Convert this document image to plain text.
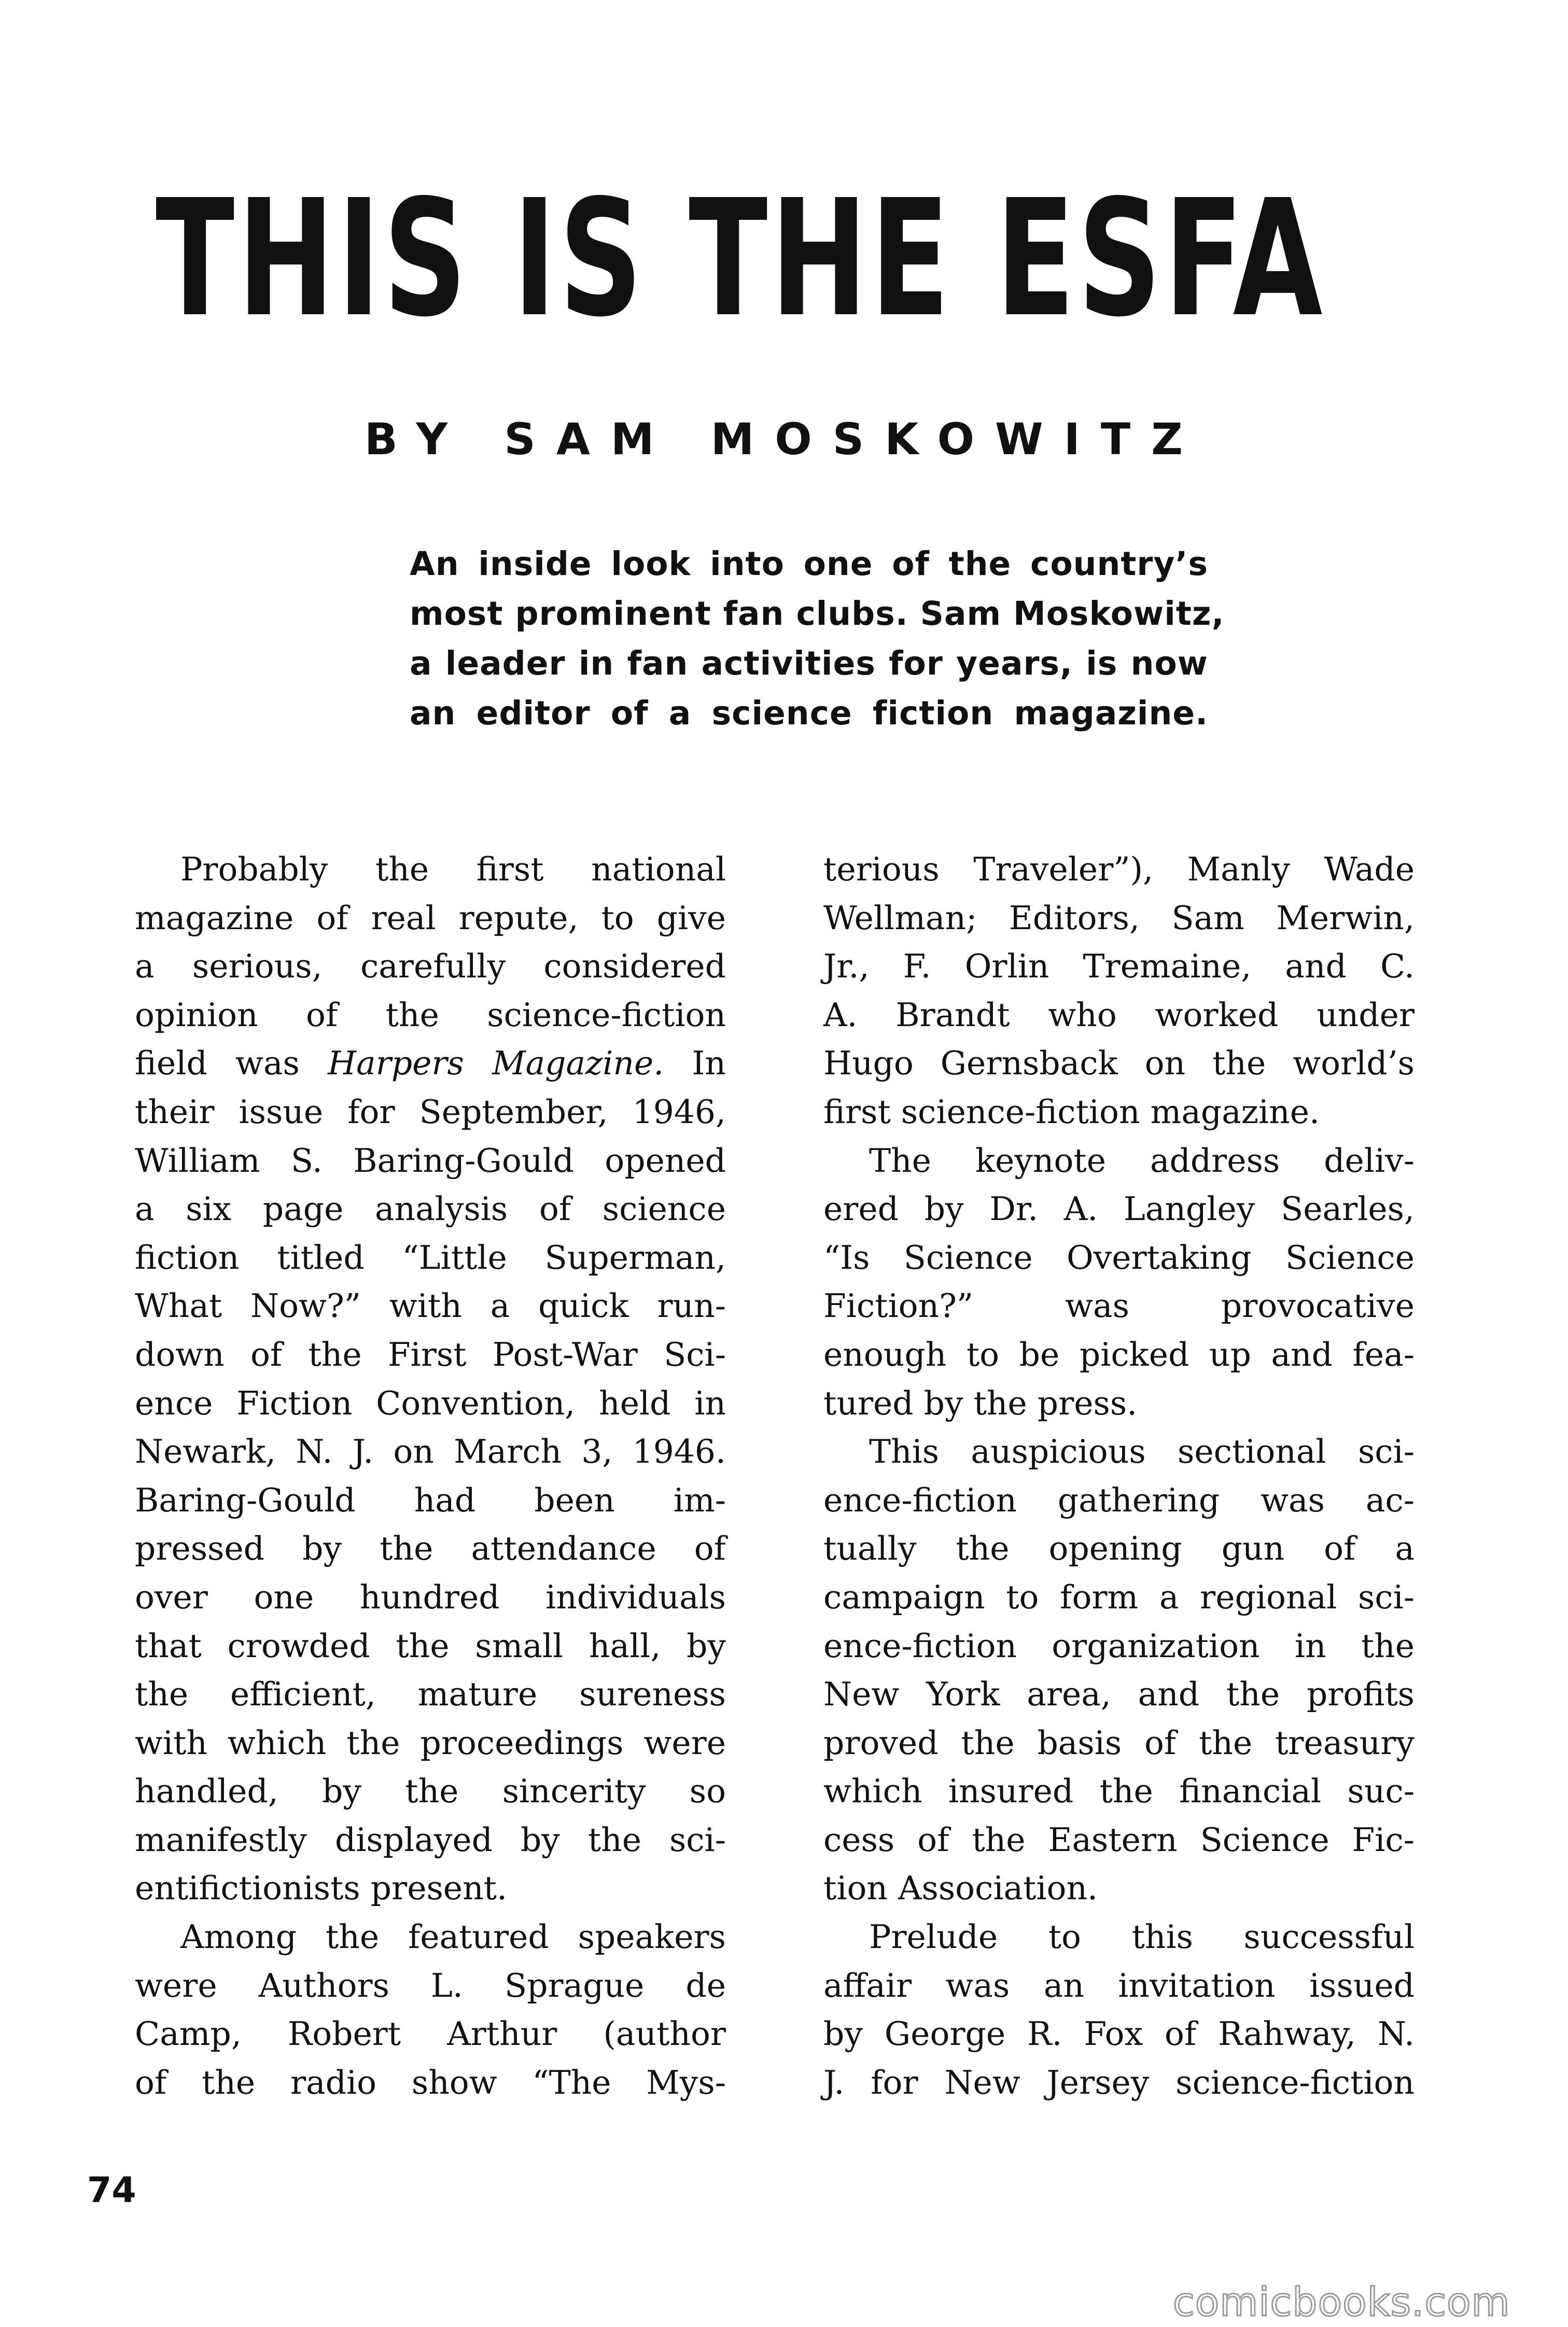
THIS IS THE ESFA
BY SAM MOSKOWITZ
An inside look into one of the country’s
most prominent fan clubs. Sam Moskowitz,
a leader in fan activities for years, is now
an editor of a science fiction magazine.
Probably the first national
magazine of real repute, to give
a serious, carefully considered
opinion of the science-fiction
field was Harpers Magazine. In
their issue for September, 1946,
William S. Baring-Gould opened
a six page analysis of science
fiction titled “Little Superman,
What Now?” with a quick run-
down of the First Post-War Sci-
ence Fiction Convention, held in
Newark, N. J. on March 3, 1946.
Baring-Gould had been im-
pressed by the attendance of
over one hundred individuals
that crowded the small hall, by
the efficient, mature sureness
with which the proceedings were
handled, by the sincerity so
manifestly displayed by the sci-
entifictionists present.
Among the featured speakers
were Authors L. Sprague de
Camp, Robert Arthur (author
of the radio show “The Mys-
terious Traveler”), Manly Wade
Wellman; Editors, Sam Merwin,
Jr., F. Orlin Tremaine, and C.
A. Brandt who worked under
Hugo Gernsback on the world’s
first science-fiction magazine.
The keynote address deliv-
ered by Dr. A. Langley Searles,
“Is Science Overtaking Science
Fiction?” was provocative
enough to be picked up and fea-
tured by the press.
This auspicious sectional sci-
ence-fiction gathering was ac-
tually the opening gun of a
campaign to form a regional sci-
ence-fiction organization in the
New York area, and the profits
proved the basis of the treasury
which insured the financial suc-
cess of the Eastern Science Fic-
tion Association.
Prelude to this successful
affair was an invitation issued
by George R. Fox of Rahway, N.
J. for New Jersey science-fiction
74
comicbooks.com
